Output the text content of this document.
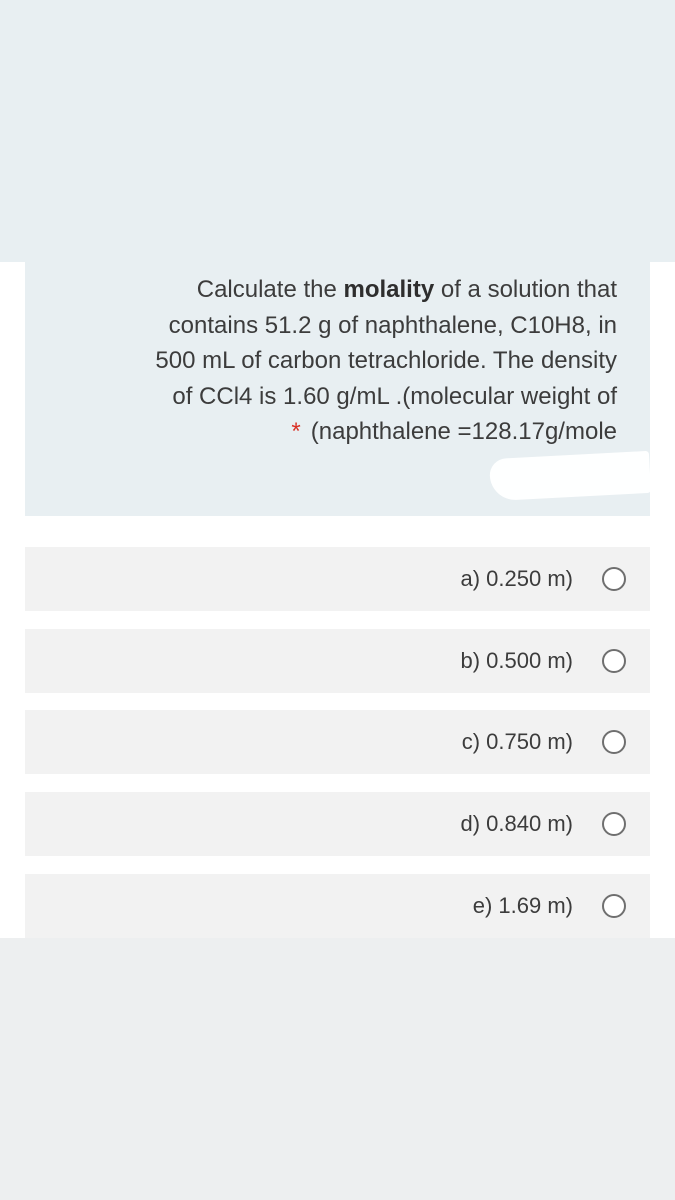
Calculate the molality of a solution that
contains 51.2 g of naphthalene, C10H8, in
500 mL of carbon tetrachloride. The density
of CCl4 is 1.60 g/mL .(molecular weight of
* (naphthalene =128.17g/mole
a) 0.250 m)
b) 0.500 m)
c) 0.750 m)
d) 0.840 m)
e) 1.69 m)
